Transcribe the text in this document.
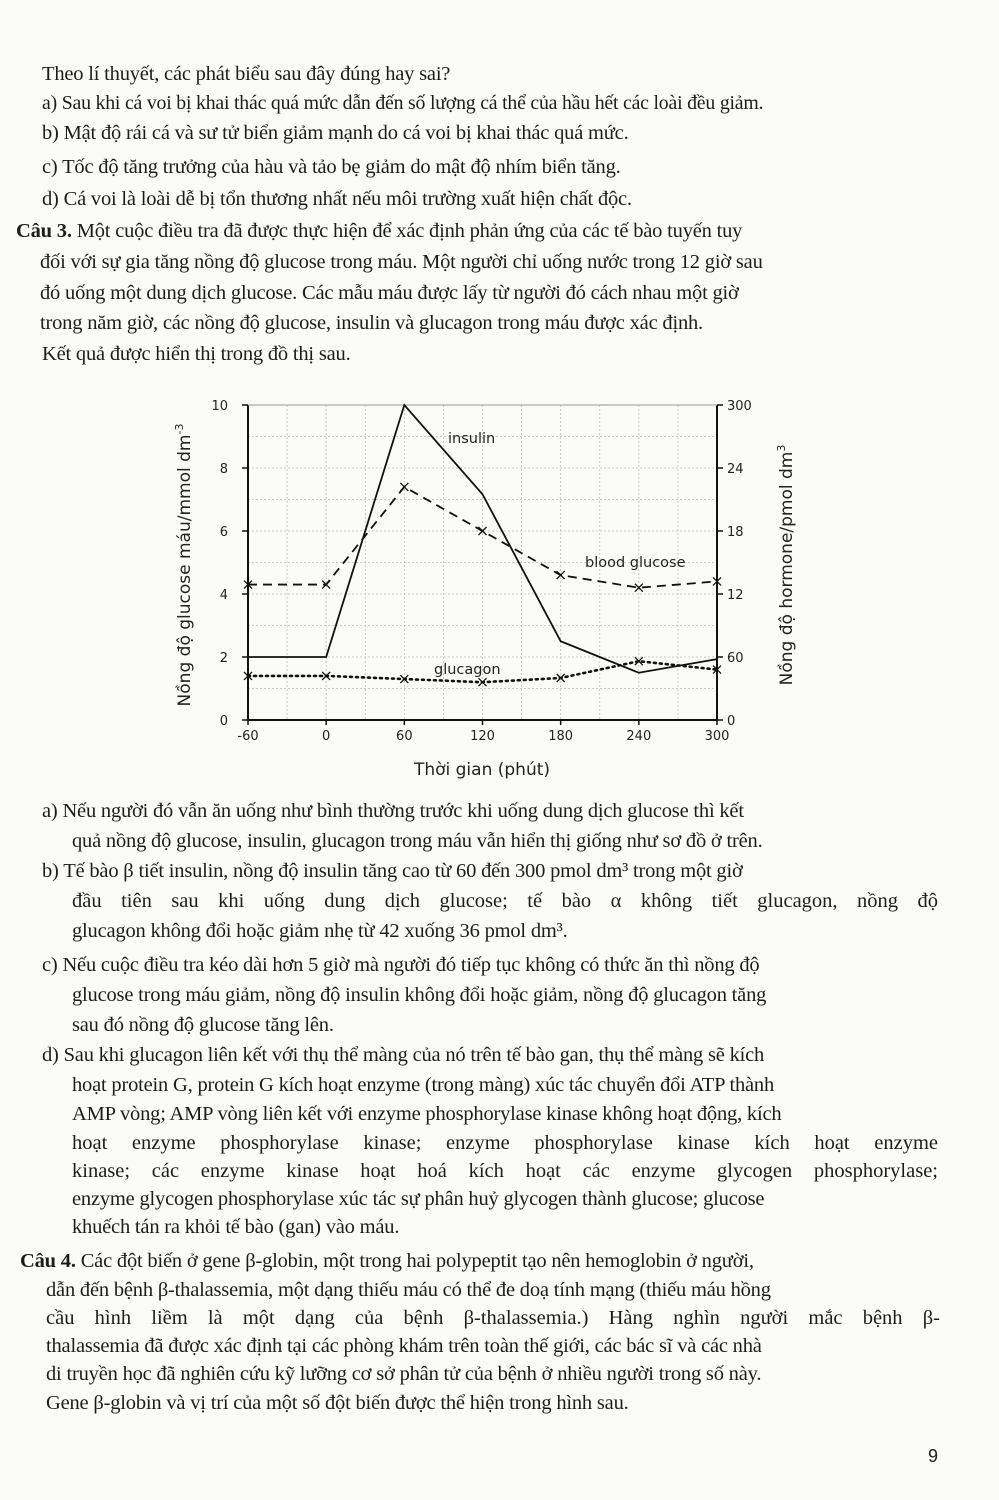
Theo lí thuyết, các phát biểu sau đây đúng hay sai?
a) Sau khi cá voi bị khai thác quá mức dẫn đến số lượng cá thể của hầu hết các loài đều giảm.
b) Mật độ rái cá và sư tử biển giảm mạnh do cá voi bị khai thác quá mức.
c) Tốc độ tăng trưởng của hàu và tảo bẹ giảm do mật độ nhím biển tăng.
d) Cá voi là loài dễ bị tổn thương nhất nếu môi trường xuất hiện chất độc.
Câu 3. Một cuộc điều tra đã được thực hiện để xác định phản ứng của các tế bào tuyến tuy
đối với sự gia tăng nồng độ glucose trong máu. Một người chỉ uống nước trong 12 giờ sau
đó uống một dung dịch glucose. Các mẫu máu được lấy từ người đó cách nhau một giờ
trong năm giờ, các nồng độ glucose, insulin và glucagon trong máu được xác định.
Kết quả được hiển thị trong đồ thị sau.
-60	0	60	120	180	240	300
0
2
4
6
8
10
0
60
12
18
24
300
insulin
blood glucose
glucagon
Thời gian (phút)
Nồng độ glucose máu/mmol $dm^{-3}$
Nồng độ hormone/pmol $dm^3$
a) Nếu người đó vẫn ăn uống như bình thường trước khi uống dung dịch glucose thì kết
quả nồng độ glucose, insulin, glucagon trong máu vẫn hiển thị giống như sơ đồ ở trên.
b) Tế bào β tiết insulin, nồng độ insulin tăng cao từ 60 đến 300 pmol dm³ trong một giờ
đầu tiên sau khi uống dung dịch glucose; tế bào α không tiết glucagon, nồng độ
glucagon không đổi hoặc giảm nhẹ từ 42 xuống 36 pmol dm³.
c) Nếu cuộc điều tra kéo dài hơn 5 giờ mà người đó tiếp tục không có thức ăn thì nồng độ
glucose trong máu giảm, nồng độ insulin không đổi hoặc giảm, nồng độ glucagon tăng
sau đó nồng độ glucose tăng lên.
d) Sau khi glucagon liên kết với thụ thể màng của nó trên tế bào gan, thụ thể màng sẽ kích
hoạt protein G, protein G kích hoạt enzyme (trong màng) xúc tác chuyển đổi ATP thành
AMP vòng; AMP vòng liên kết với enzyme phosphorylase kinase không hoạt động, kích
hoạt enzyme phosphorylase kinase; enzyme phosphorylase kinase kích hoạt enzyme
kinase; các enzyme kinase hoạt hoá kích hoạt các enzyme glycogen phosphorylase;
enzyme glycogen phosphorylase xúc tác sự phân huỷ glycogen thành glucose; glucose
khuếch tán ra khỏi tế bào (gan) vào máu.
Câu 4. Các đột biến ở gene β-globin, một trong hai polypeptit tạo nên hemoglobin ở người,
dẫn đến bệnh β-thalassemia, một dạng thiếu máu có thể đe doạ tính mạng (thiếu máu hồng
cầu hình liềm là một dạng của bệnh β-thalassemia.) Hàng nghìn người mắc bệnh β-
thalassemia đã được xác định tại các phòng khám trên toàn thế giới, các bác sĩ và các nhà
di truyền học đã nghiên cứu kỹ lưỡng cơ sở phân tử của bệnh ở nhiều người trong số này.
Gene β-globin và vị trí của một số đột biến được thể hiện trong hình sau.
9
